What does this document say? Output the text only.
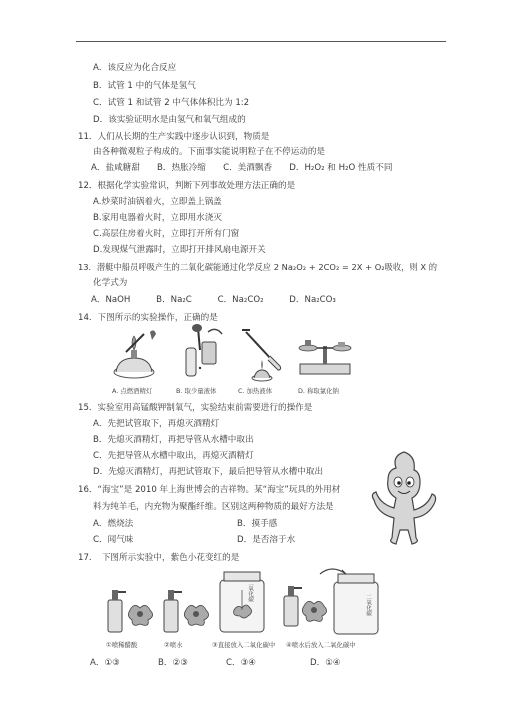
A．该反应为化合反应
B．试管 1 中的气体是氢气
C．试管 1 和试管 2 中气体体积比为 1:2
D．该实验证明水是由氢气和氧气组成的
11．人们从长期的生产实践中逐步认识到，物质是
由各种微观粒子构成的。下面事实能说明粒子在不停运动的是
A．盐咸糖甜　　B．热胀冷缩　　C．美酒飘香　　D．H₂O₂ 和 H₂O 性质不同
12．根据化学实验常识，判断下列事故处理方法正确的是
A.炒菜时油锅着火，立即盖上锅盖
B.家用电器着火时，立即用水浇灭
C.高层住房着火时，立即打开所有门窗
D.发现煤气泄露时，立即打开排风扇电源开关
13．潜艇中船员呼吸产生的二氧化碳能通过化学反应 2 Na₂O₂ + 2CO₂ = 2X + O₂吸收，则 X 的
化学式为
A．NaOH　　　B．Na₂C　　　C．Na₂CO₂　　　D．Na₂CO₃
14．下图所示的实验操作，正确的是
A. 点燃酒精灯	B. 取少量液体	C. 加热液体	D. 称取氯化钠
15．实验室用高锰酸钾制氧气，实验结束前需要进行的操作是
A．先把试管取下，再熄灭酒精灯
B．先熄灭酒精灯，再把导管从水槽中取出
C．先把导管从水槽中取出，再熄灭酒精灯
D．先熄灭酒精灯，再把试管取下，最后把导管从水槽中取出
16．“海宝”是 2010 年上海世博会的吉祥物。某“海宝”玩具的外用材
料为纯羊毛，内充物为聚酯纤维。区别这两种物质的最好方法是
A．燃烧法	B．摸手感
C．闻气味	D．是否溶于水
17．　下图所示实验中，紫色小花变红的是
①喷稀醋酸	②喷水
二氧化碳
③直接放入二氧化碳中
二氧化碳
④喷水后放入二氧化碳中
A．①③	B．②③	C．③④	D．①④
